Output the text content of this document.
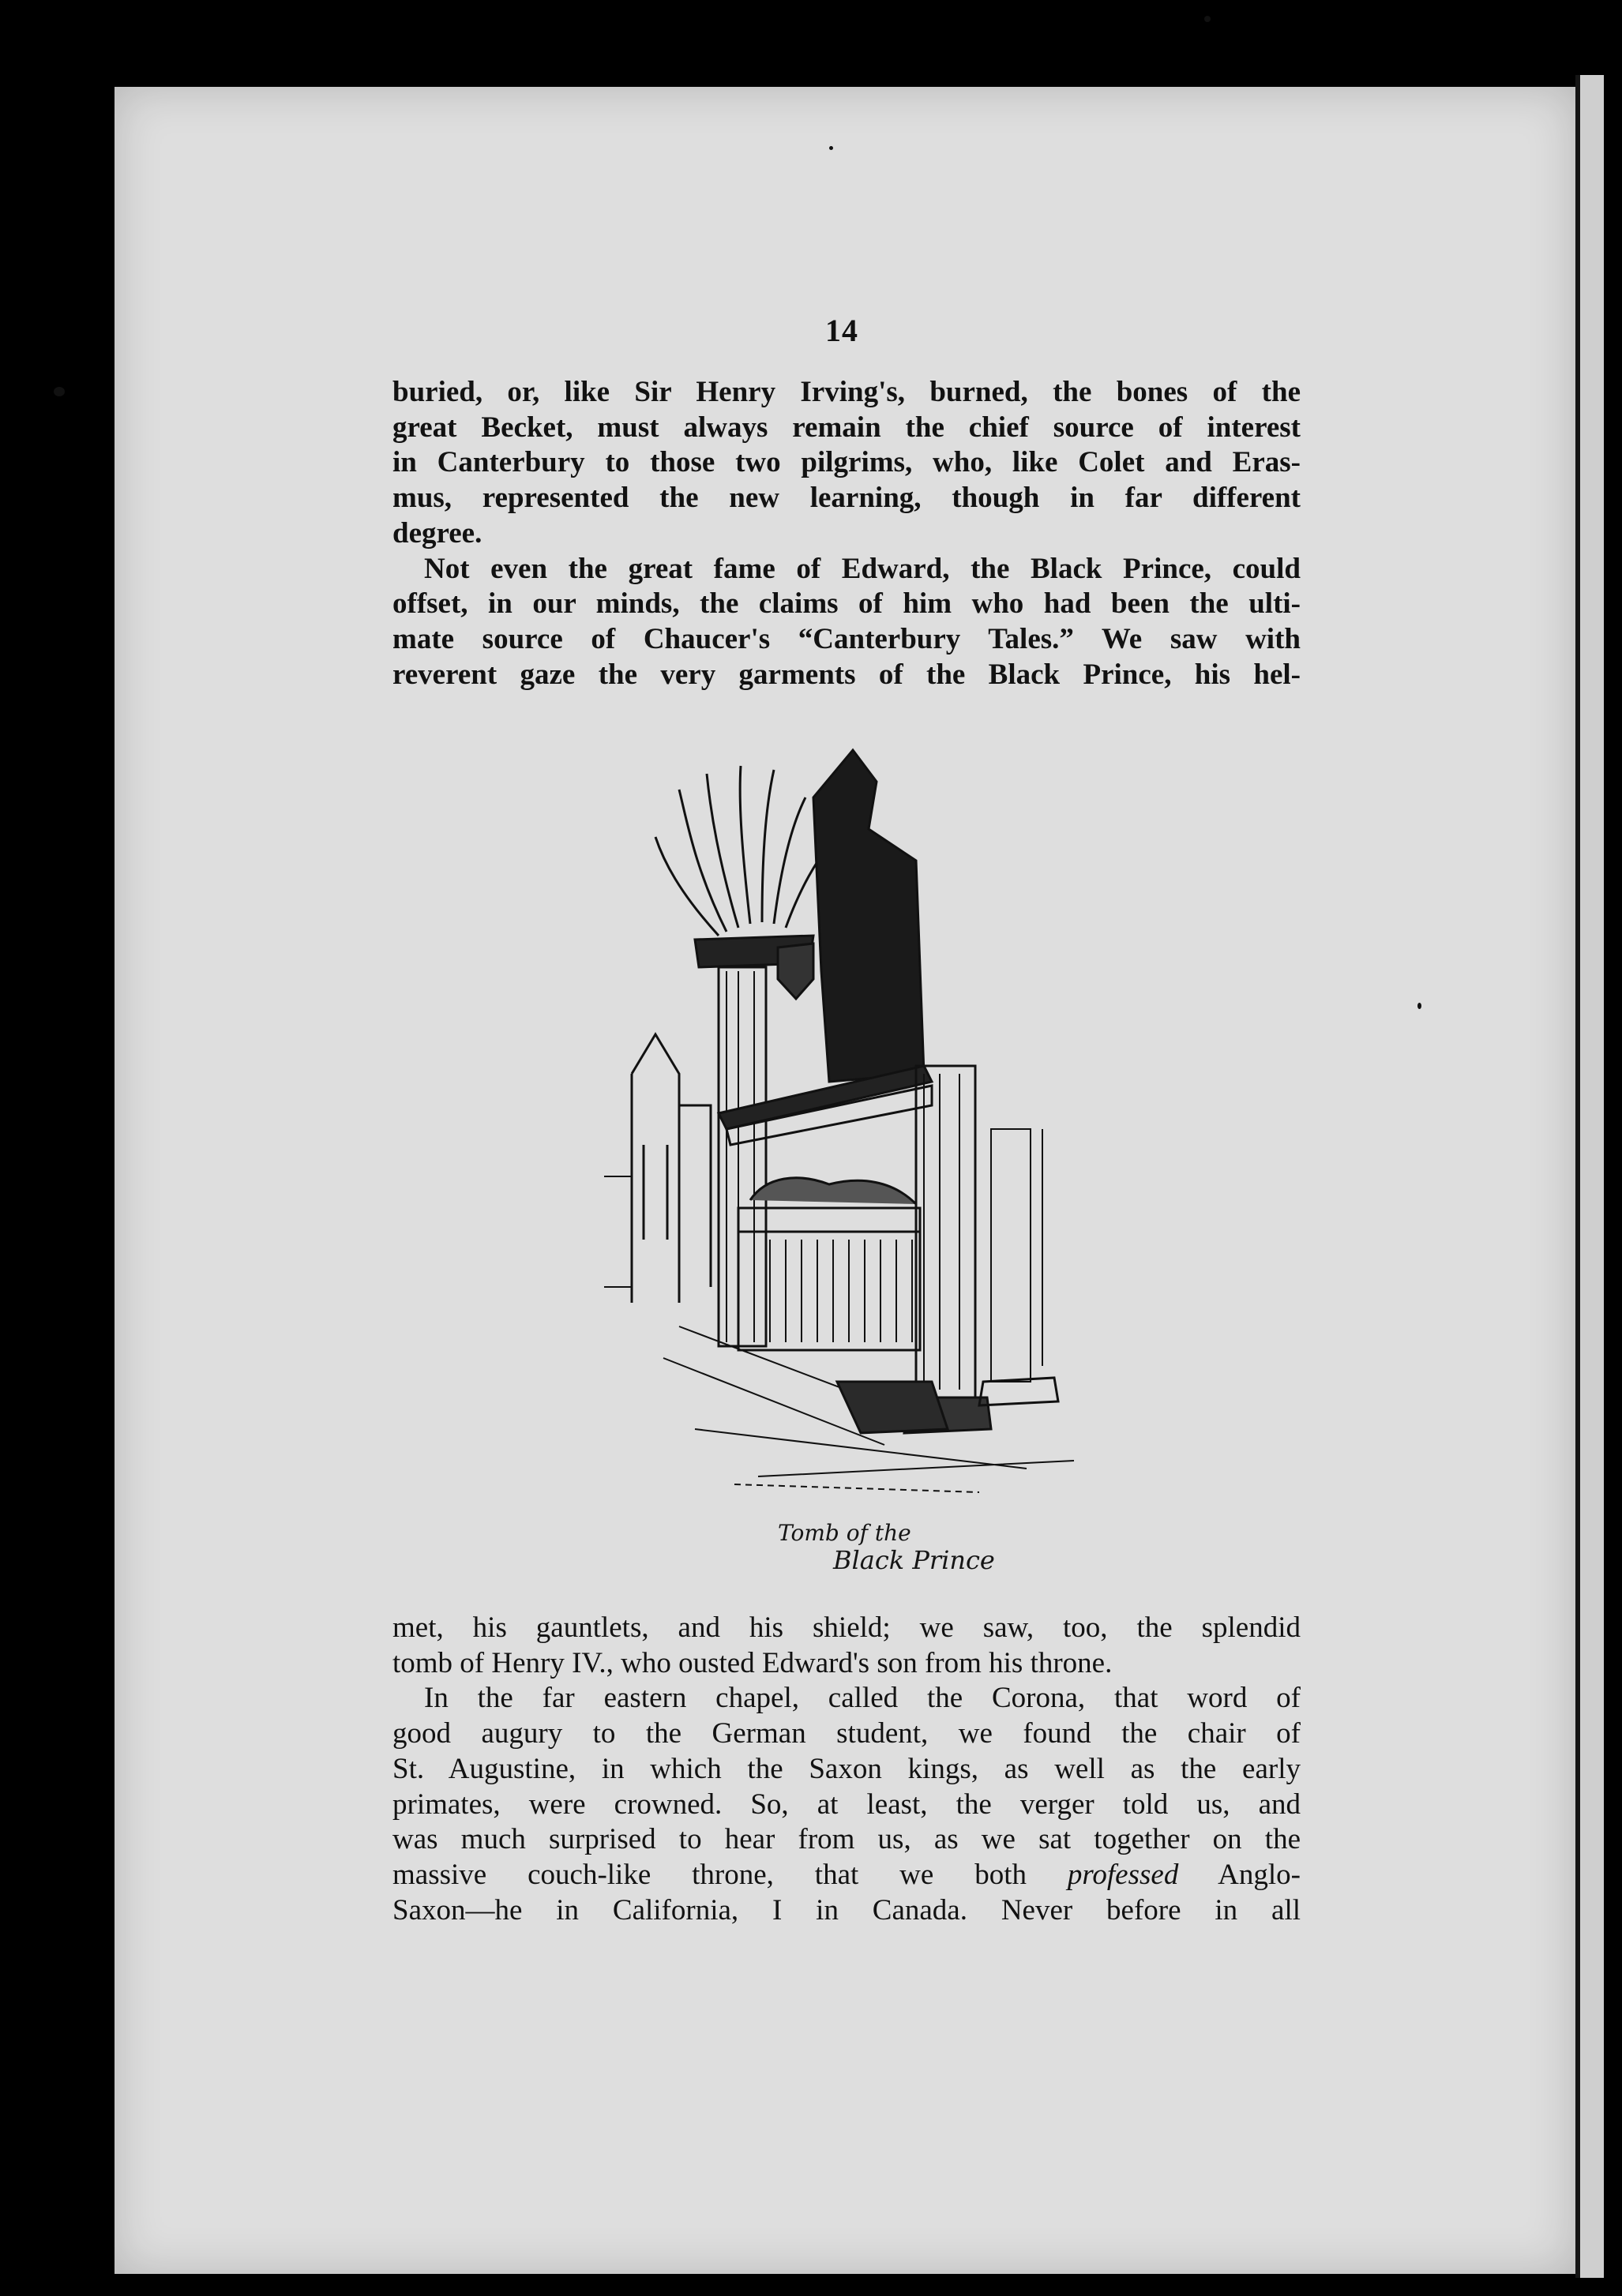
14
buried, or, like Sir Henry Irving's, burned, the bones of the
great Becket, must always remain the chief source of interest
in Canterbury to those two pilgrims, who, like Colet and Eras-
mus, represented the new learning, though in far different
degree.
Not even the great fame of Edward, the Black Prince, could
offset, in our minds, the claims of him who had been the ulti-
mate source of Chaucer's “Canterbury Tales.” We saw with
reverent gaze the very garments of the Black Prince, his hel-
Tomb of the
Black Prince
met, his gauntlets, and his shield; we saw, too, the splendid
tomb of Henry IV., who ousted Edward's son from his throne.
In the far eastern chapel, called the Corona, that word of
good augury to the German student, we found the chair of
St. Augustine, in which the Saxon kings, as well as the early
primates, were crowned. So, at least, the verger told us, and
was much surprised to hear from us, as we sat together on the
massive couch-like throne, that we both professed Anglo-
Saxon—he in California, I in Canada. Never before in all
